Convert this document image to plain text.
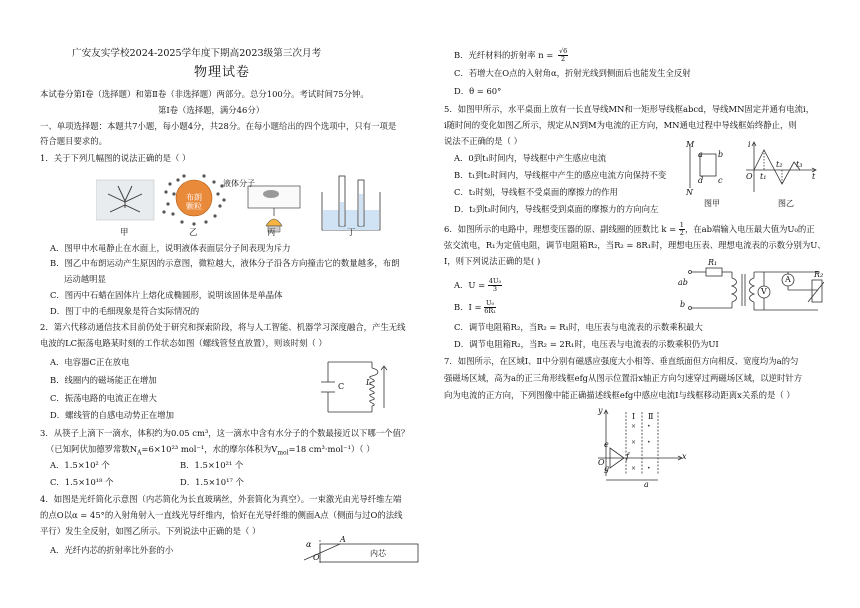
广安友实学校2024-2025学年度下期高2023级第三次月考
物理试卷
本试卷分第Ⅰ卷（选择题）和第Ⅱ卷（非选择题）两部分。总分100分。考试时间75分钟。
第Ⅰ卷（选择题，满分46分）
一、单项选择题：本题共7小题，每小题4分，共28分。在每小题给出的四个选项中，只有一项是
符合题目要求的。
1．关于下列几幅图的说法正确的是（ ）
液体分子
布朗
颗粒
甲	乙	丙	丁
A．图甲中水黾静止在水面上，说明液体表面层分子间表现为斥力
B．图乙中布朗运动产生原因的示意图，微粒越大，液体分子沿各方向撞击它的数量越多，布朗
运动越明显
C．图丙中石蜡在固体片上熔化成椭圆形，说明该固体是单晶体
D．图丁中的毛细现象是符合实际情况的
2．第六代移动通信技术目前仍处于研究和探索阶段，将与人工智能、机器学习深度融合，产生无线
电波的LC振荡电路某时刻的工作状态如图（螺线管竖直放置），则该时刻（ ）
A．电容器C正在放电
B．线圈内的磁场能正在增加
C．振荡电路的电流正在增大
D．螺线管的自感电动势正在增加
C	L
3．从筷子上滴下一滴水，体积约为0.05 cm³，这一滴水中含有水分子的个数最接近以下哪一个值？
（已知阿伏加德罗常数$N_A=6\times 10^{23}$ mol⁻¹，水的摩尔体积为$V_{mol}=18$ cm³·mol⁻¹）（ ）
A．1.5×10² 个	B．1.5×10²¹ 个
C．1.5×10¹⁸ 个	D．1.5×10¹⁷ 个
4．如图是光纤简化示意图（内芯简化为长直玻璃丝，外套简化为真空）。一束激光由光导纤维左端
的点O以α = 45°的入射角射入一直线光导纤维内，恰好在光导纤维的侧面A点（侧面与过O的法线
平行）发生全反射，如图乙所示。下列说法中正确的是（ ）
A．光纤内芯的折射率比外套的小	内芯
A
O
α
B．光纤材料的折射率 $n = \frac{√6}{2}$
C．若增大在O点的入射角α，折射光线到侧面后也能发生全反射
D．θ = 60°
5．如图甲所示，水平桌面上放有一长直导线MN和一矩形导线框abcd，导线MN固定并通有电流i，
i随时间的变化如图乙所示，规定从N到M为电流的正方向，MN通电过程中导线框始终静止，则
说法不正确的是（ ）
A．0到t₁时间内，导线框中产生感应电流
B．t₁到t₂时间内，导线框中产生的感应电流方向保持不变
C．t₂时刻，导线框不受桌面的摩擦力的作用
D．t₂到t₃时间内，导线框受到桌面的摩擦力的方向向左
M
N
a b
c
d
i
t
O t₁
t₂ t₃
图甲	图乙
6．如图所示的电路中，理想变压器的原、副线圈的匝数比 $k = \frac{1}{2}$ ，在ab端输入电压最大值为U₀的正
弦交流电，R₁为定值电阻，调节电阻箱R₂，当R₂ = 8R₁时，理想电压表、理想电流表的示数分别为U、
I，则下列说法正确的是( )
A．$U = \frac{\text{4U₀}}{3}$
B．$I = \frac{\text{U₀}}{\text{6R₁}}$
C．调节电阻箱R₂，当R₂ = R₁时，电压表与电流表的示数乘积最大
D．调节电阻箱R₂，当R₂ = 2R₁时，电压表与电流表的示数乘积仍为UI
R₁
R₂
V
A
ab
b
7．如图所示，在区域Ⅰ、Ⅱ中分别有磁感应强度大小相等、垂直纸面但方向相反、宽度均为a的匀
强磁场区域，高为a的正三角形线框efg从图示位置沿x轴正方向匀速穿过两磁场区域，以逆时针方
向为电流的正方向，下列图像中能正确描述线框efg中感应电流I与线框移动距离x关系的是（ ）
×
×
×
•
•
•
Ⅰ Ⅱ
y
x
O
e
f
g
a
